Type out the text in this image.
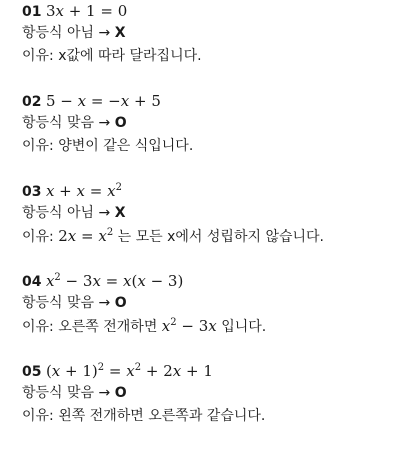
01 3x + 1 = 0
항등식 아님 → X
이유: x값에 따라 달라집니다.
02 5 − x = −x + 5
항등식 맞음 → O
이유: 양변이 같은 식입니다.
03 $x + x = x^2$
항등식 아님 → X
이유: $2x = x^2$ 는 모든 x에서 성립하지 않습니다.
04 $x^2 - 3x = x(x - 3)$
항등식 맞음 → O
이유: 오른쪽 전개하면 $x^2 - 3x$ 입니다.
05 $(x + 1)^2 = x^2 + 2x + 1$
항등식 맞음 → O
이유: 왼쪽 전개하면 오른쪽과 같습니다.
